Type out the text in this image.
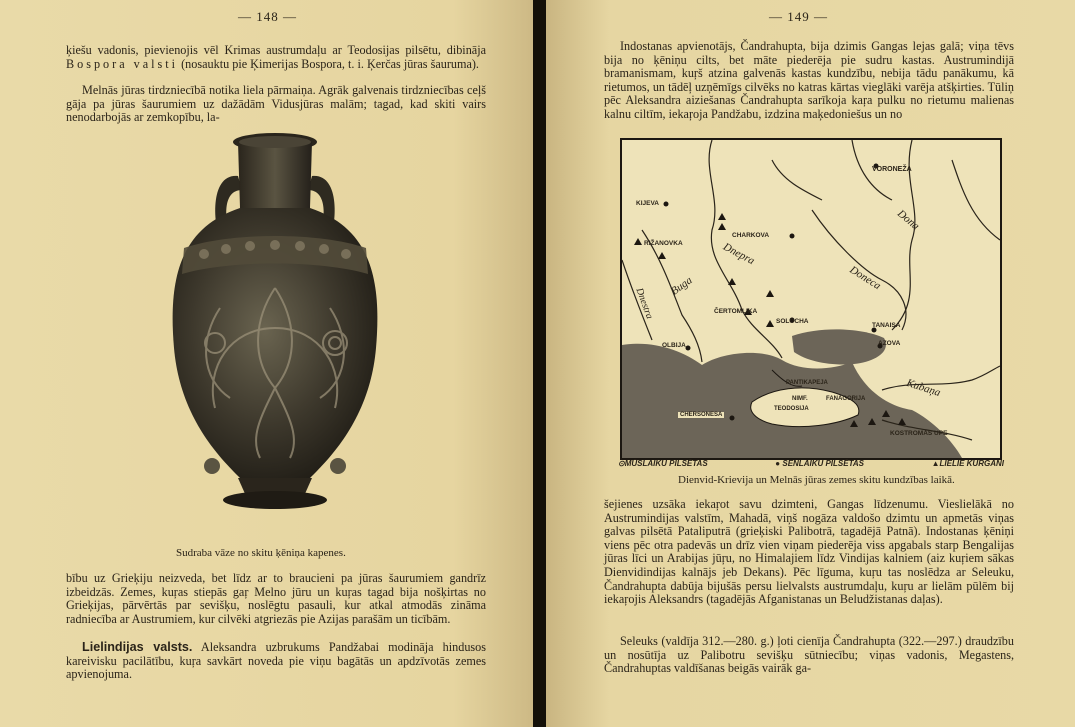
— 148 —

ķiešu vadonis, pievienojis vēl Krimas austrumdaļu ar Teodosijas pilsētu, dibināja Bospora valsti (nosauktu pie Ķimerijas Bospora, t. i. Ķerčas jūras šauruma).

Melnās jūras tirdzniecībā notika liela pārmaiņa. Agrāk galvenais tirdzniecības ceļš gāja pa jūras šaurumiem uz dažādām Vidusjūras malām; tagad, kad skiti vairs nenodarbojās ar zemkopību, la-

Sudraba vāze no skitu ķēniņa kapenes.

bību uz Grieķiju neizveda, bet līdz ar to braucieni pa jūras šaurumiem gandrīz izbeidzās. Zemes, kuŗas stiepās gaŗ Melno jūru un kuŗas tagad bija nošķirtas no Grieķijas, pārvērtās par sevišķu, noslēgtu pasauli, kur atkal atmodās zināma radniecība ar Austrumiem, kur cilvēki atgriezās pie Azijas parašām un ticībām.

Lielindijas valsts. Aleksandra uzbrukums Pandžabai modināja hindusos kareivisku pacilātību, kuŗa savkārt noveda pie viņu bagātās un apdzīvotās zemes apvienojuma.

— 149 —

Indostanas apvienotājs, Čandrahupta, bija dzimis Gangas lejas galā; viņa tēvs bija no ķēniņu cilts, bet māte piederēja pie sudru kastas. Austrumindijā bramanismam, kuŗš atzina galvenās kastas kundzību, nebija tādu panākumu, kā rietumos, un tādēļ uzņēmīgs cilvēks no katras kārtas vieglāki varēja atšķirties. Tūliņ pēc Aleksandra aiziešanas Čandrahupta sarīkoja kaŗa pulku no rietumu malienas kalnu ciltīm, iekaŗoja Pandžabu, izdzina maķedoniešus un no

VORONEŽA
KIJEVA
CHARKOVA
RIŽANOVKA	Dnepra
Dona
Doneca
Buga
Dnestra	ČERTOMLIKA
SOLOCHA
TANAISA
AZOVA
OLBIJA
PANTIKAPEJA
NIMF.	FANAGORIJA
TEODOSIJA
CHERSONESA
Kubaņa
KOSTROMAS UPE
⊙MŪSLAIKU PILSĒTAS	● SENLAIKU PILSĒTAS	▲LIELIE KURGANI
Dienvid-Krievija un Melnās jūras zemes skitu kundzības laikā.

šejienes uzsāka iekaŗot savu dzimteni, Gangas līdzenumu. Vieslielākā no Austrumindijas valstīm, Mahadā, viņš nogāza valdošo dzimtu un apmetās viņas galvas pilsētā Pataliputrā (grieķiski Palibotrā, tagadējā Patnā). Indostanas ķēniņi viens pēc otra padevās un drīz vien viņam piederēja viss apgabals starp Bengalijas jūras līci un Arabijas jūŗu, no Himalajiem līdz Vindijas kalniem (aiz kuŗiem sākas Dienvidindijas kalnājs jeb Dekans). Pēc līguma, kuŗu tas noslēdza ar Seleuku, Čandrahupta dabūja bijušās persu lielvalsts austrumdaļu, kuŗu ar lielām pūlēm bij iekaŗojis Aleksandrs (tagadējās Afganistanas un Beludžistanas daļas).

Seleuks (valdīja 312.—280. g.) ļoti cienīja Čandrahupta (322.—297.) draudzību un nosūtīja uz Palibotru sevišķu sūtniecību; viņas vadonis, Megastens, Čandrahuptas valdīšanas beigās vairāk ga-
